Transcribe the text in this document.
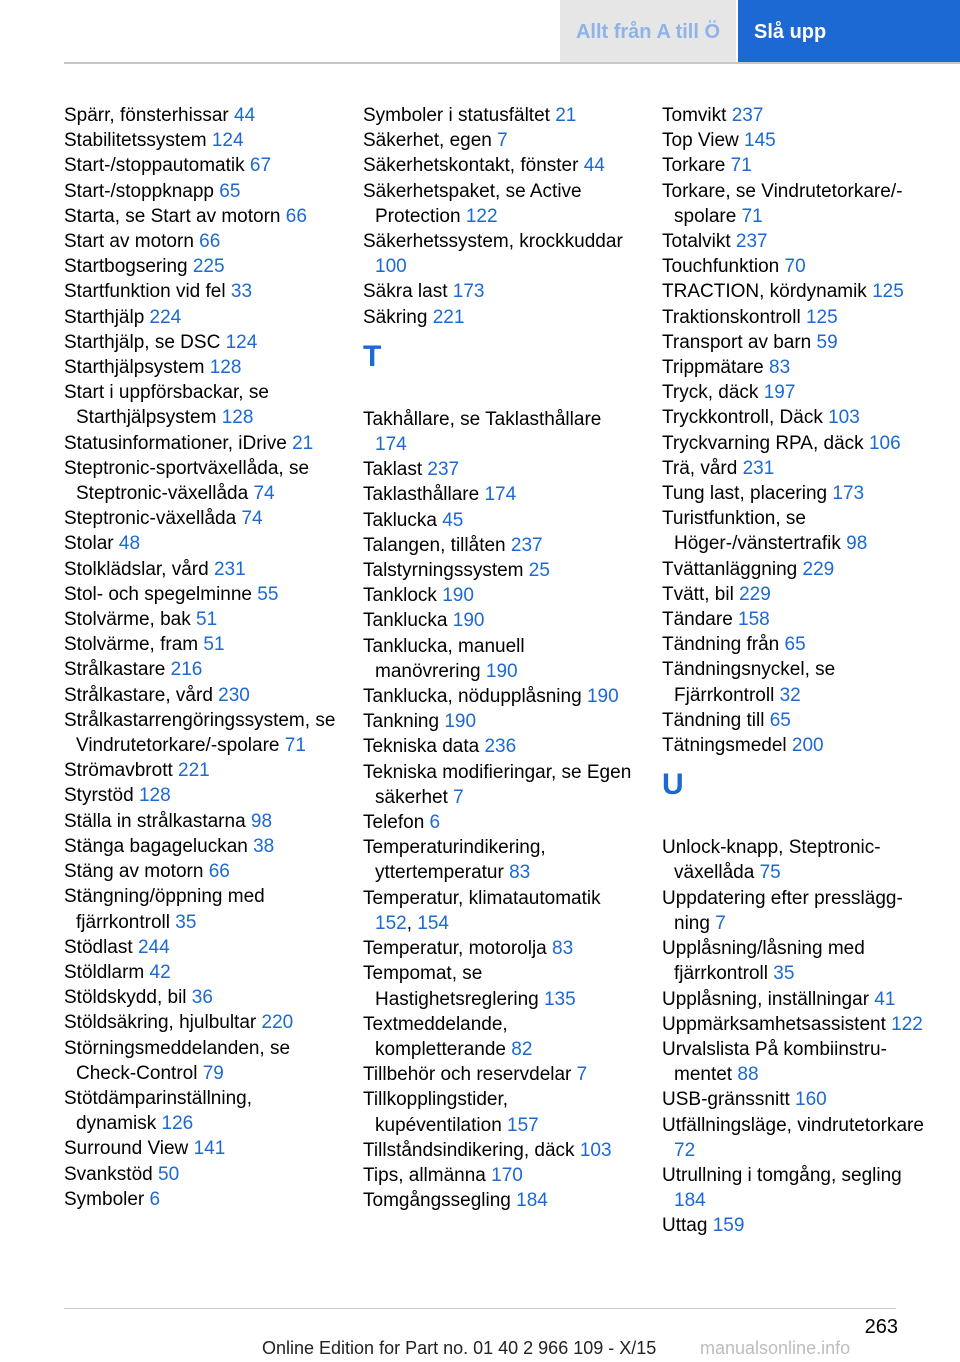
Allt från A till Ö	Slå upp
Spärr, fönsterhissar 44
Stabilitetssystem 124
Start-/stoppautomatik 67
Start-/stoppknapp 65
Starta, se Start av motorn 66
Start av motorn 66
Startbogsering 225
Startfunktion vid fel 33
Starthjälp 224
Starthjälp, se DSC 124
Starthjälpsystem 128
Start i uppförsbackar, se Starthjälpsystem 128
Statusinformationer, iDrive 21
Steptronic-sportväxellåda, se Steptronic-växellåda 74
Steptronic-växellåda 74
Stolar 48
Stolklädslar, vård 231
Stol- och spegelminne 55
Stolvärme, bak 51
Stolvärme, fram 51
Strålkastare 216
Strålkastare, vård 230
Strålkastarrengöringssystem, se Vindrutetorkare/-spolare 71
Strömavbrott 221
Styrstöd 128
Ställa in strålkastarna 98
Stänga bagageluckan 38
Stäng av motorn 66
Stängning/öppning med fjärrkontroll 35
Stödlast 244
Stöldlarm 42
Stöldskydd, bil 36
Stöldsäkring, hjulbultar 220
Störningsmeddelanden, se Check-Control 79
Stötdämparinställning, dynamisk 126
Surround View 141
Svankstöd 50
Symboler 6
Symboler i statusfältet 21
Säkerhet, egen 7
Säkerhetskontakt, fönster 44
Säkerhetspaket, se Active Protection 122
Säkerhetssystem, krockkuddar 100
Säkra last 173
Säkring 221
T
Takhållare, se Taklasthållare 174
Taklast 237
Taklasthållare 174
Taklucka 45
Talangen, tillåten 237
Talstyrningssystem 25
Tanklock 190
Tanklucka 190
Tanklucka, manuell manövrering 190
Tanklucka, nödupplåsning 190
Tankning 190
Tekniska data 236
Tekniska modifieringar, se Egen säkerhet 7
Telefon 6
Temperaturindikering, yttertemperatur 83
Temperatur, klimatautomatik 152, 154
Temperatur, motorolja 83
Tempomat, se Hastighetsreglering 135
Textmeddelande, kompletterande 82
Tillbehör och reservdelar 7
Tillkopplingstider, kupéventilation 157
Tillståndsindikering, däck 103
Tips, allmänna 170
Tomgångssegling 184
Tomvikt 237
Top View 145
Torkare 71
Torkare, se Vindrutetorkare/-spolare 71
Totalvikt 237
Touchfunktion 70
TRACTION, kördynamik 125
Traktionskontroll 125
Transport av barn 59
Trippmätare 83
Tryck, däck 197
Tryckkontroll, Däck 103
Tryckvarning RPA, däck 106
Trä, vård 231
Tung last, placering 173
Turistfunktion, se Höger-/vänstertrafik 98
Tvättanläggning 229
Tvätt, bil 229
Tändare 158
Tändning från 65
Tändningsnyckel, se Fjärrkontroll 32
Tändning till 65
Tätningsmedel 200
U
Unlock-knapp, Steptronic-växellåda 75
Uppdatering efter pressläggning 7
Upplåsning/låsning med fjärrkontroll 35
Upplåsning, inställningar 41
Uppmärksamhetsassistent 122
Urvalslista På kombiinstrumentet 88
USB-gränssnitt 160
Utfällningsläge, vindrutetorkare 72
Utrullning i tomgång, segling 184
Uttag 159
263
Online Edition for Part no. 01 40 2 966 109 - X/15 manualsonline.info
